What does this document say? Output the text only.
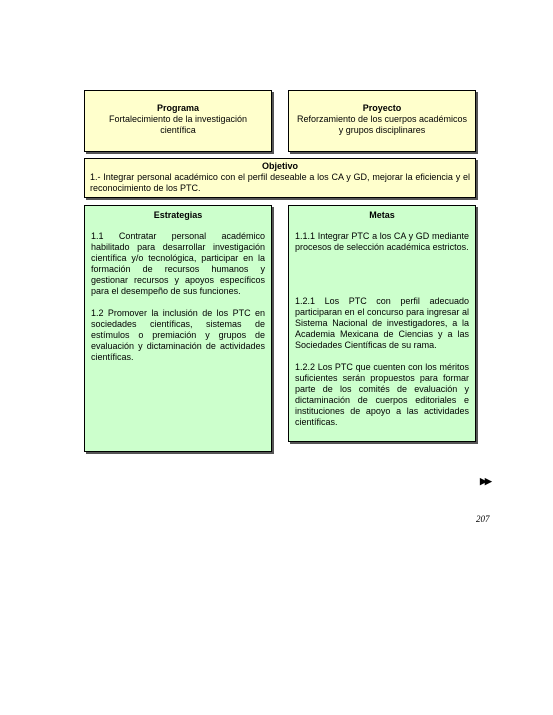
Programa
Fortalecimiento de la investigación científica
Proyecto
Reforzamiento de los cuerpos académicos y grupos disciplinares
Objetivo

1.- Integrar personal académico con el perfil deseable a los CA y GD, mejorar la eficiencia y el reconocimiento de los PTC.

Estrategias

1.1 Contratar personal académico habilitado para desarrollar investigación científica y/o tecnológica, participar en la formación de recursos humanos y gestionar recursos y apoyos específicos para el desempeño de sus funciones.

1.2 Promover la inclusión de los PTC en sociedades científicas, sistemas de estímulos o premiación y grupos de evaluación y dictaminación de actividades científicas.

Metas

1.1.1 Integrar PTC a los CA y GD mediante procesos de selección académica estrictos.

1.2.1 Los PTC con perfil adecuado participaran en el concurso para ingresar al Sistema Nacional de investigadores, a la Academia Mexicana de Ciencias y a las Sociedades Científicas de su rama.

1.2.2 Los PTC que cuenten con los méritos suficientes serán propuestos para formar parte de los comités de evaluación y dictaminación de cuerpos editoriales e instituciones de apoyo a las actividades científicas.

▶▶
207
